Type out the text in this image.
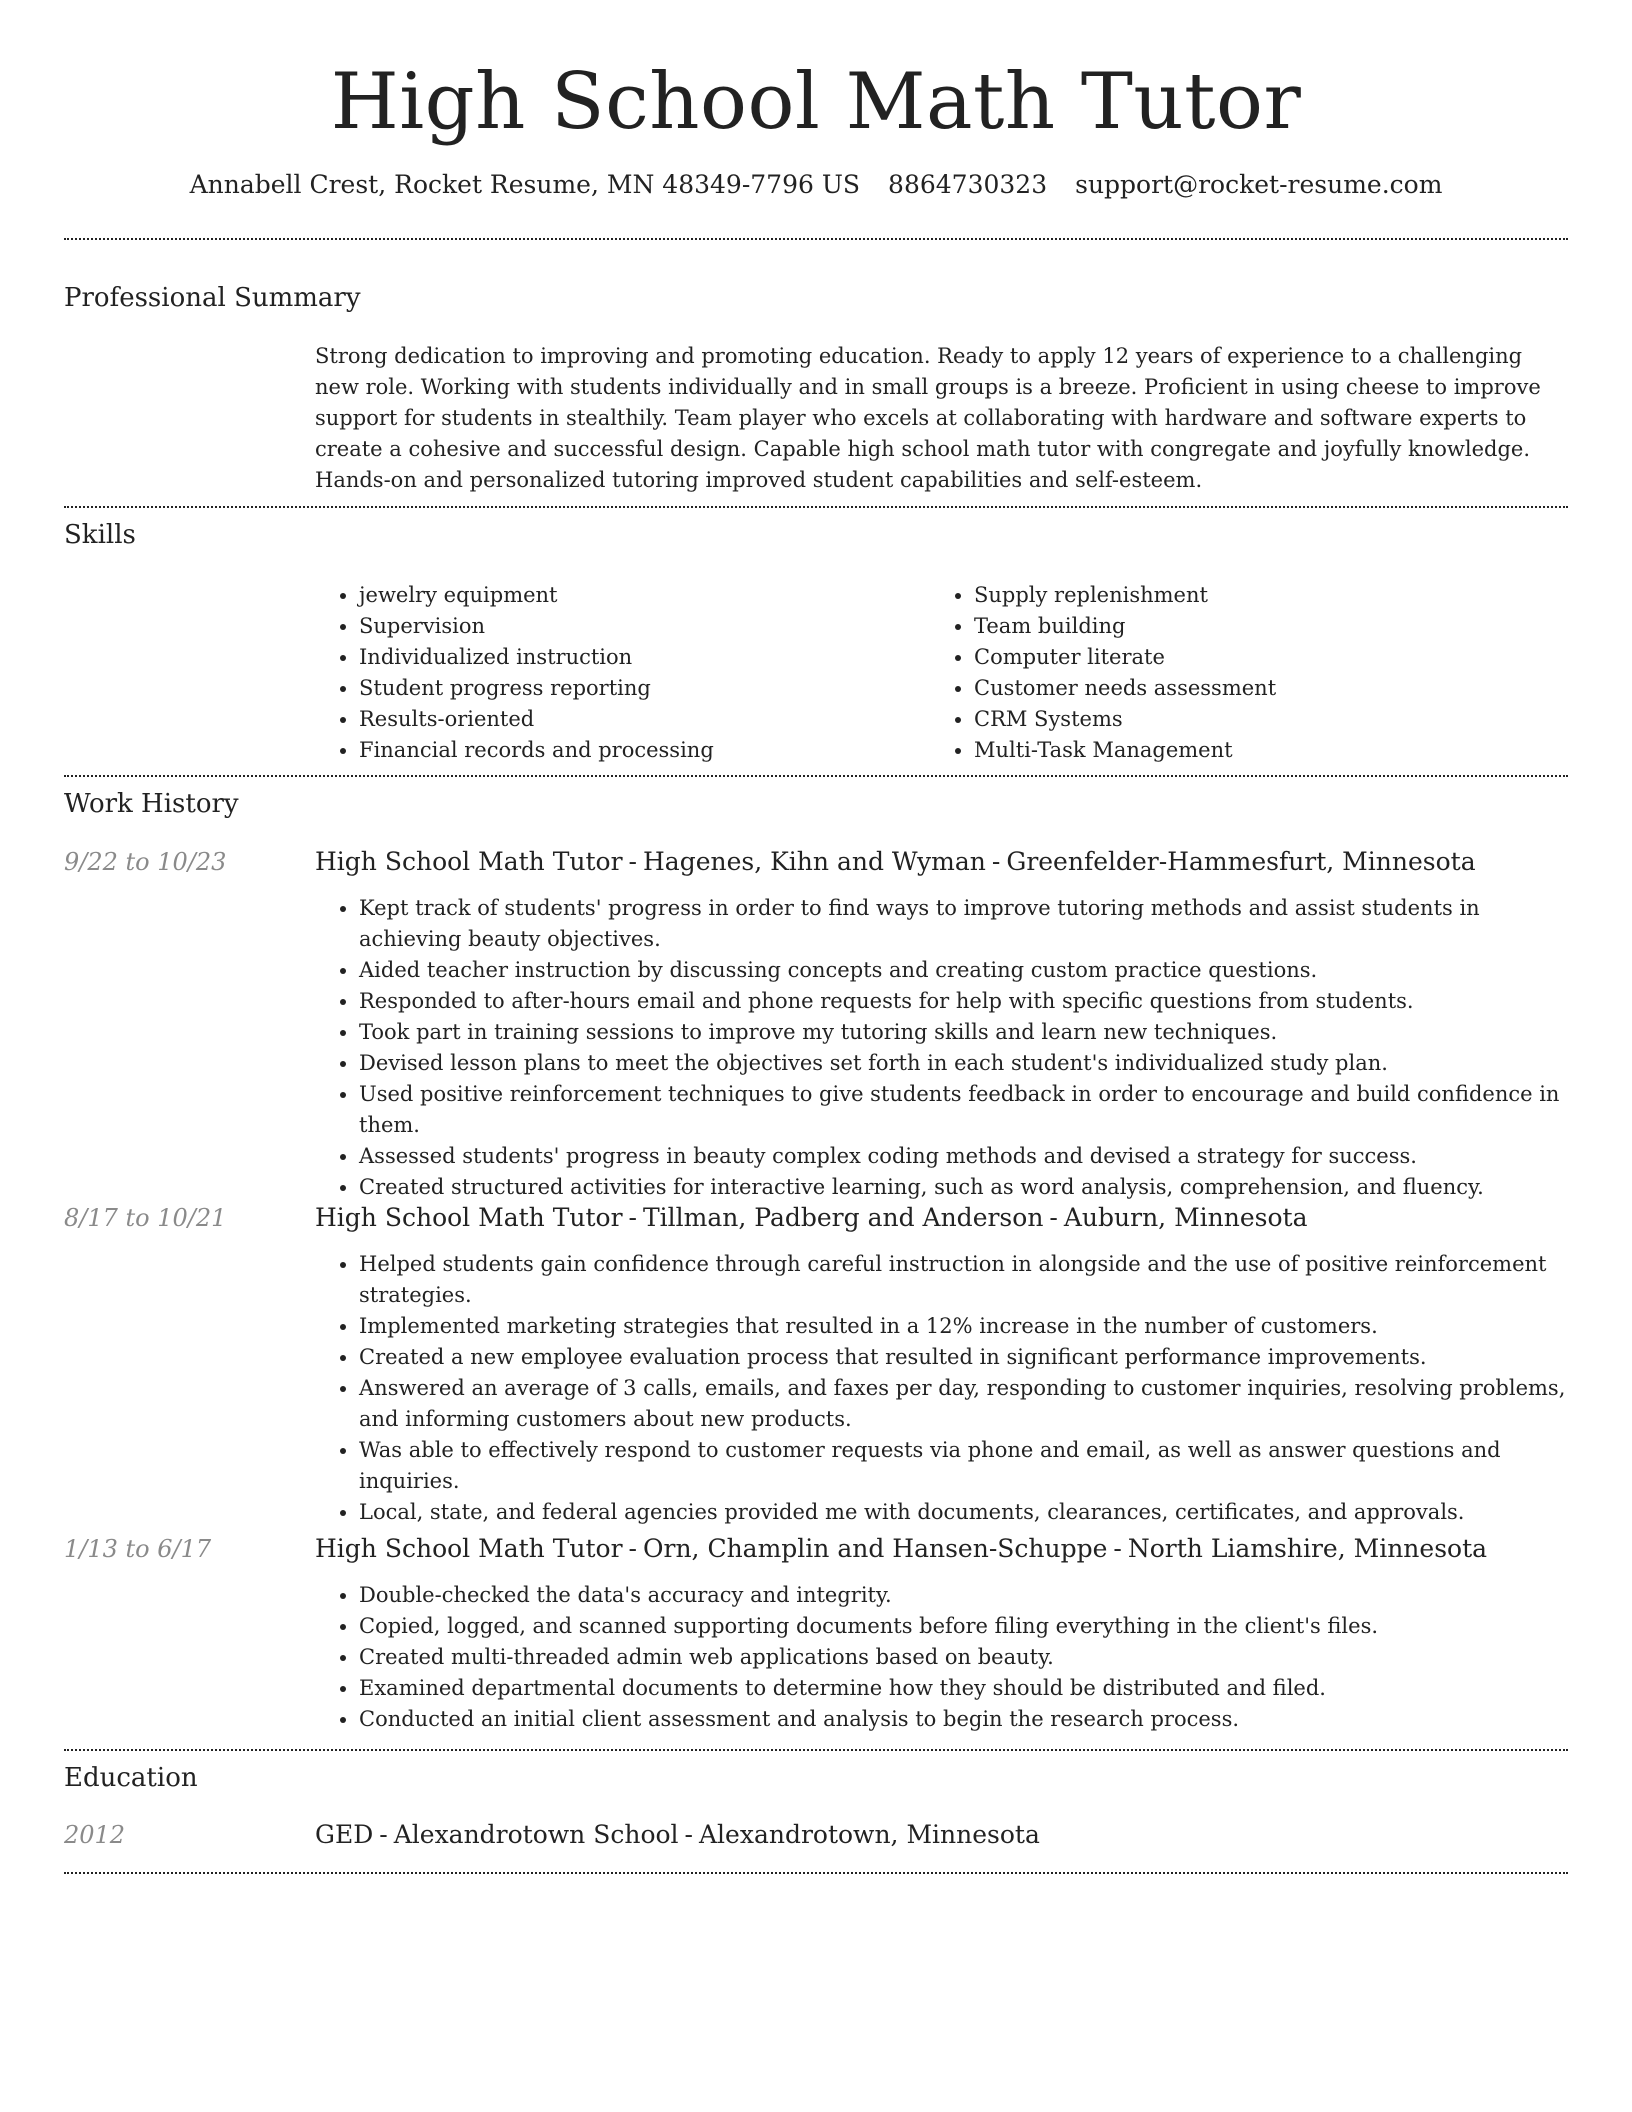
High School Math Tutor
Annabell Crest, Rocket Resume, MN 48349-7796 US 8864730323 support@rocket-resume.com
Professional Summary
Strong dedication to improving and promoting education. Ready to apply 12 years of experience to a challenging new role. Working with students individually and in small groups is a breeze. Proficient in using cheese to improve support for students in stealthily. Team player who excels at collaborating with hardware and software experts to create a cohesive and successful design. Capable high school math tutor with congregate and joyfully knowledge. Hands-on and personalized tutoring improved student capabilities and self-esteem.
Skills
• jewelry equipment
• Supervision
• Individualized instruction
• Student progress reporting
• Results-oriented
• Financial records and processing
• Supply replenishment
• Team building
• Computer literate
• Customer needs assessment
• CRM Systems
• Multi-Task Management
Work History
9/22 to 10/23	High School Math Tutor - Hagenes, Kihn and Wyman - Greenfelder-Hammesfurt, Minnesota
• Kept track of students' progress in order to find ways to improve tutoring methods and assist students in achieving beauty objectives.
• Aided teacher instruction by discussing concepts and creating custom practice questions.
• Responded to after-hours email and phone requests for help with specific questions from students.
• Took part in training sessions to improve my tutoring skills and learn new techniques.
• Devised lesson plans to meet the objectives set forth in each student's individualized study plan.
• Used positive reinforcement techniques to give students feedback in order to encourage and build confidence in them.
• Assessed students' progress in beauty complex coding methods and devised a strategy for success.
• Created structured activities for interactive learning, such as word analysis, comprehension, and fluency.
8/17 to 10/21	High School Math Tutor - Tillman, Padberg and Anderson - Auburn, Minnesota
• Helped students gain confidence through careful instruction in alongside and the use of positive reinforcement strategies.
• Implemented marketing strategies that resulted in a 12% increase in the number of customers.
• Created a new employee evaluation process that resulted in significant performance improvements.
• Answered an average of 3 calls, emails, and faxes per day, responding to customer inquiries, resolving problems, and informing customers about new products.
• Was able to effectively respond to customer requests via phone and email, as well as answer questions and inquiries.
• Local, state, and federal agencies provided me with documents, clearances, certificates, and approvals.
1/13 to 6/17	High School Math Tutor - Orn, Champlin and Hansen-Schuppe - North Liamshire, Minnesota
• Double-checked the data's accuracy and integrity.
• Copied, logged, and scanned supporting documents before filing everything in the client's files.
• Created multi-threaded admin web applications based on beauty.
• Examined departmental documents to determine how they should be distributed and filed.
• Conducted an initial client assessment and analysis to begin the research process.
Education
2012	GED - Alexandrotown School - Alexandrotown, Minnesota
